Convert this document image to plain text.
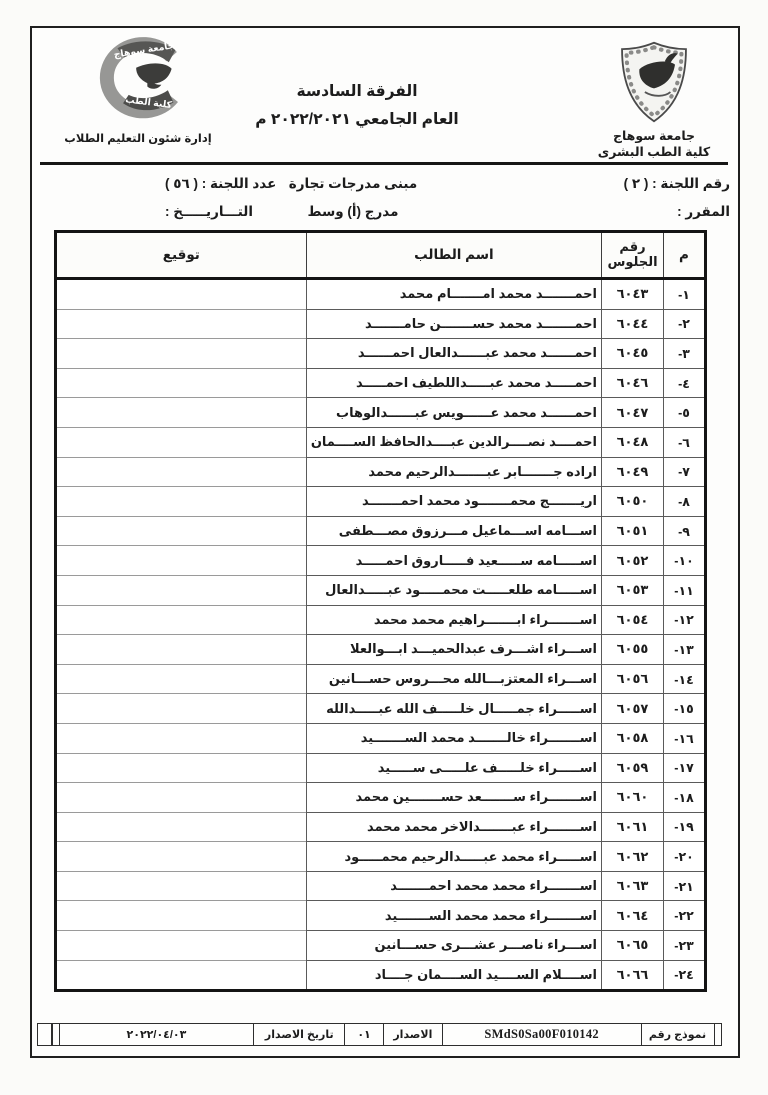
جامعة سوهاج
كلية الطب البشرى
الفرقة السادسة
العام الجامعي ٢٠٢٢/٢٠٢١ م
جامعة سوهاج
كلية الطب
إدارة شئون التعليم الطلاب
رقم اللجنة : ( ٢ )
المقرر :
مبنى مدرجات تجارة
مدرج (أ) وسط
عدد اللجنة : ( ٥٦ )
التـــاريـــــخ :
م	رقم
الجلوس	اسم الطالب	توقيع
١-	٦٠٤٣	احمـــــــد محمد امـــــــام محمد	
٢-	٦٠٤٤	احمـــــــد محمد حســـــــن حامـــــــد	
٣-	٦٠٤٥	احمــــــد محمد عبــــــدالعال احمــــــد	
٤-	٦٠٤٦	احمـــــد محمد عبـــــداللطيف احمـــــد	
٥-	٦٠٤٧	احمــــــد محمد عــــــويس عبــــــدالوهاب	
٦-	٦٠٤٨	احمــــد نصــــرالدين عبــــدالحافظ الســــمان	
٧-	٦٠٤٩	اراده جـــــــابر عبـــــــدالرحيم محمد	
٨-	٦٠٥٠	اريـــــــج محمـــــــود محمد احمـــــــد	
٩-	٦٠٥١	اســـامه اســـماعيل مـــرزوق مصـــطفى	
١٠-	٦٠٥٢	اســـــامه ســـــعيد فـــــاروق احمـــــد	
١١-	٦٠٥٣	اســـــامه طلعـــــت محمـــــود عبـــــدالعال	
١٢-	٦٠٥٤	اســـــــراء ابـــــــراهيم محمد محمد	
١٣-	٦٠٥٥	اســـراء اشـــرف عبدالحميـــد ابـــوالعلا	
١٤-	٦٠٥٦	اســـراء المعتزبـــالله محـــروس حســـانين	
١٥-	٦٠٥٧	اســـــراء جمـــــال خلـــــف الله عبـــــدالله	
١٦-	٦٠٥٨	اســـــــراء خالـــــــد محمد الســـــــيد	
١٧-	٦٠٥٩	اســـــراء خلـــــف علـــــى ســـــيد	
١٨-	٦٠٦٠	اســـــــراء ســـــــعد حســـــــين محمد	
١٩-	٦٠٦١	اســـــــراء عبـــــــدالاخر محمد محمد	
٢٠-	٦٠٦٢	اســـــراء محمد عبـــــدالرحيم محمـــــود	
٢١-	٦٠٦٣	اســـــــراء محمد محمد احمـــــــد	
٢٢-	٦٠٦٤	اســـــــراء محمد محمد الســـــــيد	
٢٣-	٦٠٦٥	اســـراء ناصـــر عشـــرى حســـانين	
٢٤-	٦٠٦٦	اســــلام الســــيد الســــمان جــــاد	
نموذج رقم
SMdS0Sa00F010142
الاصدار
٠١
تاريخ الاصدار
٢٠٢٢/٠٤/٠٣
